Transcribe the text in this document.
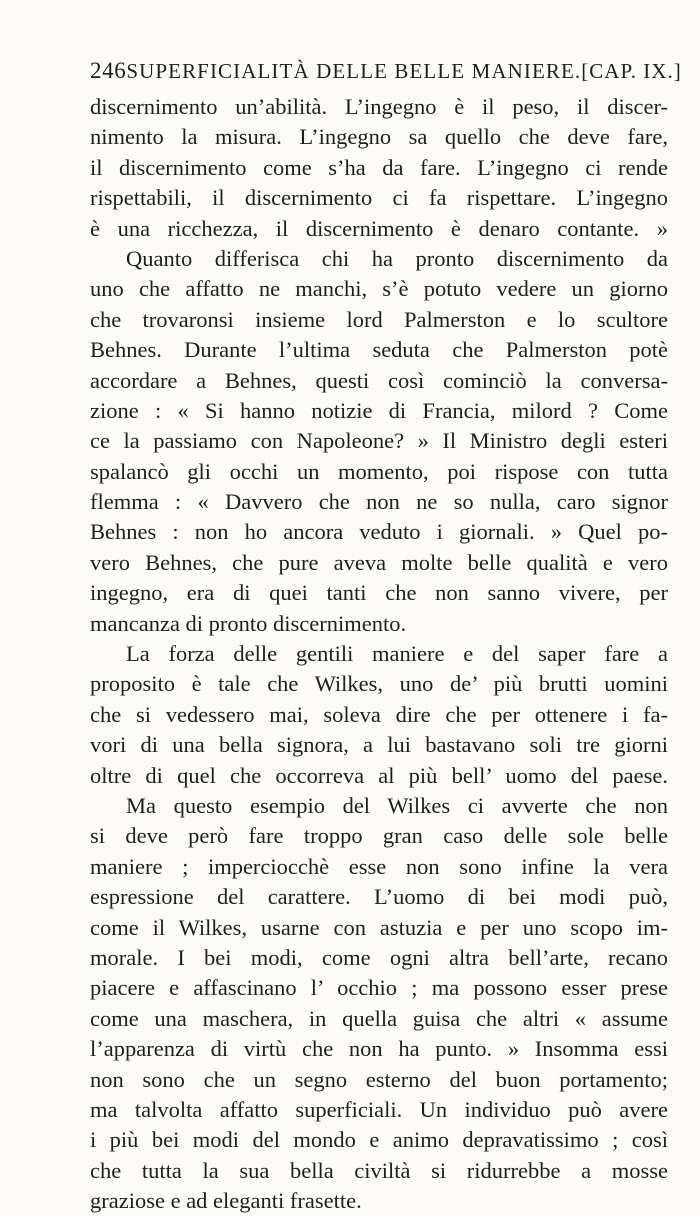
246 SUPERFICIALITÀ DELLE BELLE MANIERE. [CAP. IX.]
discernimento un’abilità. L’ingegno è il peso, il discer-
nimento la misura. L’ingegno sa quello che deve fare,
il discernimento come s’ha da fare. L’ingegno ci rende
rispettabili, il discernimento ci fa rispettare. L’ingegno
è una ricchezza, il discernimento è denaro contante. »
Quanto differisca chi ha pronto discernimento da
uno che affatto ne manchi, s’è potuto vedere un giorno
che trovaronsi insieme lord Palmerston e lo scultore
Behnes. Durante l’ultima seduta che Palmerston potè
accordare a Behnes, questi così cominciò la conversa-
zione : « Si hanno notizie di Francia, milord ? Come
ce la passiamo con Napoleone? » Il Ministro degli esteri
spalancò gli occhi un momento, poi rispose con tutta
flemma : « Davvero che non ne so nulla, caro signor
Behnes : non ho ancora veduto i giornali. » Quel po-
vero Behnes, che pure aveva molte belle qualità e vero
ingegno, era di quei tanti che non sanno vivere, per
mancanza di pronto discernimento.
La forza delle gentili maniere e del saper fare a
proposito è tale che Wilkes, uno de’ più brutti uomini
che si vedessero mai, soleva dire che per ottenere i fa-
vori di una bella signora, a lui bastavano soli tre giorni
oltre di quel che occorreva al più bell’ uomo del paese.
Ma questo esempio del Wilkes ci avverte che non
si deve però fare troppo gran caso delle sole belle
maniere ; imperciocchè esse non sono infine la vera
espressione del carattere. L’uomo di bei modi può,
come il Wilkes, usarne con astuzia e per uno scopo im-
morale. I bei modi, come ogni altra bell’arte, recano
piacere e affascinano l’ occhio ; ma possono esser prese
come una maschera, in quella guisa che altri « assume
l’apparenza di virtù che non ha punto. » Insomma essi
non sono che un segno esterno del buon portamento;
ma talvolta affatto superficiali. Un individuo può avere
i più bei modi del mondo e animo depravatissimo ; così
che tutta la sua bella civiltà si ridurrebbe a mosse
graziose e ad eleganti frasette.
